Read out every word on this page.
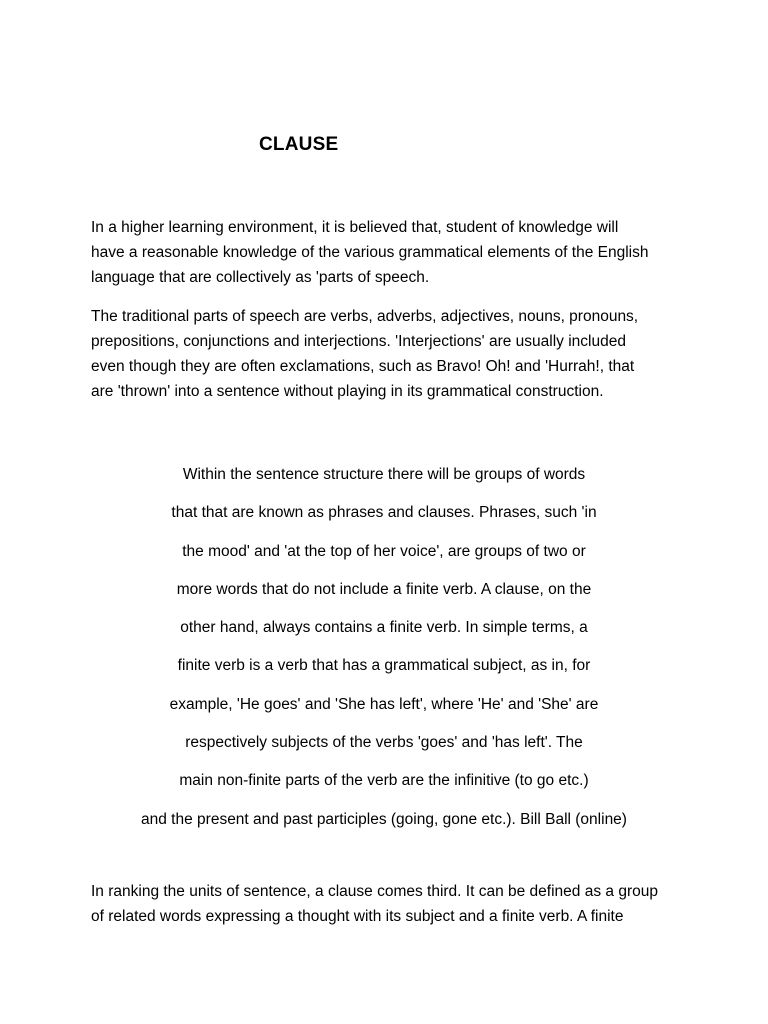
CLAUSE

In a higher learning environment, it is believed that, student of knowledge will
have a reasonable knowledge of the various grammatical elements of the English
language that are collectively as 'parts of speech.

The traditional parts of speech are verbs, adverbs, adjectives, nouns, pronouns,
prepositions, conjunctions and interjections. 'Interjections' are usually included
even though they are often exclamations, such as Bravo! Oh! and 'Hurrah!, that
are 'thrown' into a sentence without playing in its grammatical construction.

Within the sentence structure there will be groups of words
that that are known as phrases and clauses. Phrases, such 'in
the mood' and 'at the top of her voice', are groups of two or
more words that do not include a finite verb. A clause, on the
other hand, always contains a finite verb. In simple terms, a
finite verb is a verb that has a grammatical subject, as in, for
example, 'He goes' and 'She has left', where 'He' and 'She' are
respectively subjects of the verbs 'goes' and 'has left'. The
main non-finite parts of the verb are the infinitive (to go etc.)
and the present and past participles (going, gone etc.). Bill Ball (online)

In ranking the units of sentence, a clause comes third. It can be defined as a group
of related words expressing a thought with its subject and a finite verb. A finite
